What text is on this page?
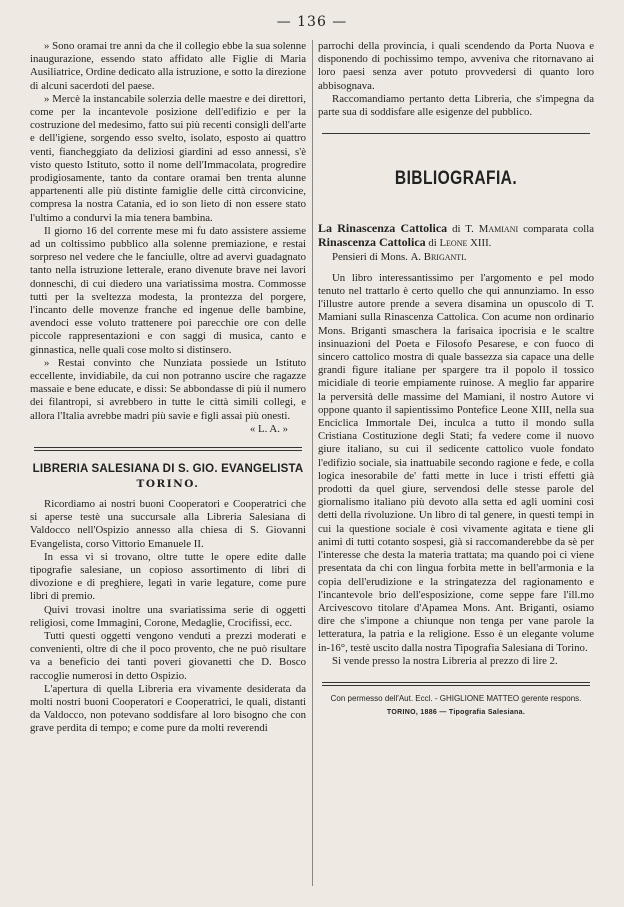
— 136 —

» Sono oramai tre anni da che il collegio ebbe la sua solenne inaugurazione, essendo stato affidato alle Figlie di Maria Ausiliatrice, Ordine dedicato alla istruzione, e sotto la direzione di alcuni sacerdoti del paese.

» Mercè la instancabile solerzia delle maestre e dei direttori, come per la incantevole posizione dell'edifizio e per la costruzione del medesimo, fatto sui più recenti consigli dell'arte e dell'igiene, sorgendo esso svelto, isolato, esposto ai quattro venti, fiancheggiato da deliziosi giardini ad esso annessi, s'è visto questo Istituto, sotto il nome dell'Immacolata, progredire prodigiosamente, tanto da contare oramai ben trenta alunne appartenenti alle più distinte famiglie delle città circonvicine, compresa la nostra Catania, ed io son lieto di non essere stato l'ultimo a condurvi la mia tenera bambina.

Il giorno 16 del corrente mese mi fu dato assistere assieme ad un coltissimo pubblico alla solenne premiazione, e restai sorpreso nel vedere che le fanciulle, oltre ad avervi guadagnato tanto nella istruzione letterale, erano divenute brave nei lavori donneschi, di cui diedero una variatissima mostra. Commosse tutti per la sveltezza modesta, la prontezza del porgere, l'incanto delle movenze franche ed ingenue delle bambine, avendoci esse voluto trattenere poi parecchie ore con delle piccole rappresentazioni e con saggi di musica, canto e ginnastica, nelle quali cose molto si distinsero.

» Restai convinto che Nunziata possiede un Istituto eccellente, invidiabile, da cui non potranno uscire che ragazze massaie e bene educate, e dissi: Se abbondasse di più il numero dei filantropi, si avrebbero in tutte le città simili collegi, e allora l'Italia avrebbe madri più savie e figli assai più onesti.

« L. A. »
LIBRERIA SALESIANA DI S. GIO. EVANGELISTA
TORINO.

Ricordiamo ai nostri buoni Cooperatori e Cooperatrici che si aperse testè una succursale alla Libreria Salesiana di Valdocco nell'Ospizio annesso alla chiesa di S. Giovanni Evangelista, corso Vittorio Emanuele II.

In essa vi si trovano, oltre tutte le opere edite dalle tipografie salesiane, un copioso assortimento di libri di divozione e di preghiere, legati in varie legature, come pure libri di premio.

Quivi trovasi inoltre una svariatissima serie di oggetti religiosi, come Immagini, Corone, Medaglie, Crocifissi, ecc.

Tutti questi oggetti vengono venduti a prezzi moderati e convenienti, oltre di che il poco provento, che ne può risultare va a beneficio dei tanti poveri giovanetti che D. Bosco raccoglie numerosi in detto Ospizio.

L'apertura di quella Libreria era vivamente desiderata da molti nostri buoni Cooperatori e Cooperatrici, le quali, distanti da Valdocco, non potevano soddisfare al loro bisogno che con grave perdita di tempo; e come pure da molti reverendi

parrochi della provincia, i quali scendendo da Porta Nuova e disponendo di pochissimo tempo, avveniva che ritornavano ai loro paesi senza aver potuto provvedersi di quanto loro abbisognava.

Raccomandiamo pertanto detta Libreria, che s'impegna da parte sua di soddisfare alle esigenze del pubblico.

BIBLIOGRAFIA.
La Rinascenza Cattolica di T. Mamiani comparata colla Rinascenza Cattolica di Leone XIII.
Pensieri di Mons. A. Briganti.

Un libro interessantissimo per l'argomento e pel modo tenuto nel trattarlo è certo quello che qui annunziamo. In esso l'illustre autore prende a severa disamina un opuscolo di T. Mamiani sulla Rinascenza Cattolica. Con acume non ordinario Mons. Briganti smaschera la farisaica ipocrisia e le scaltre insinuazioni del Poeta e Filosofo Pesarese, e con fuoco di sincero cattolico mostra di quale bassezza sia capace una delle grandi figure italiane per spargere tra il popolo il tossico micidiale di teorie empiamente ruinose. A meglio far apparire la perversità delle massime del Mamiani, il nostro Autore vi oppone quanto il sapientissimo Pontefice Leone XIII, nella sua Enciclica Immortale Dei, inculca a tutto il mondo sulla Cristiana Costituzione degli Stati; fa vedere come il nuovo giure italiano, su cui il sedicente cattolico vuole fondato l'edifizio sociale, sia inattuabile secondo ragione e fede, e colla logica inesorabile de' fatti mette in luce i tristi effetti già prodotti da quel giure, servendosi delle stesse parole del giornalismo italiano più devoto alla setta ed agli uomini così detti della rivoluzione. Un libro di tal genere, in questi tempi in cui la questione sociale è così vivamente agitata e tiene gli animi di tutti cotanto sospesi, già si raccomanderebbe da sè per l'interesse che desta la materia trattata; ma quando poi ci viene presentata da chi con lingua forbita mette in bell'armonia e la copia dell'erudizione e la stringatezza del ragionamento e l'incantevole brio dell'esposizione, come seppe fare l'ill.mo Arcivescovo titolare d'Apamea Mons. Ant. Briganti, osiamo dire che s'impone a chiunque non tenga per vane parole la letteratura, la patria e la religione. Esso è un elegante volume in-16°, testè uscito dalla nostra Tipografia Salesiana di Torino.

Si vende presso la nostra Libreria al prezzo di lire 2.

Con permesso dell'Aut. Eccl. - GHIGLIONE MATTEO gerente respons.
TORINO, 1886 — Tipografia Salesiana.
